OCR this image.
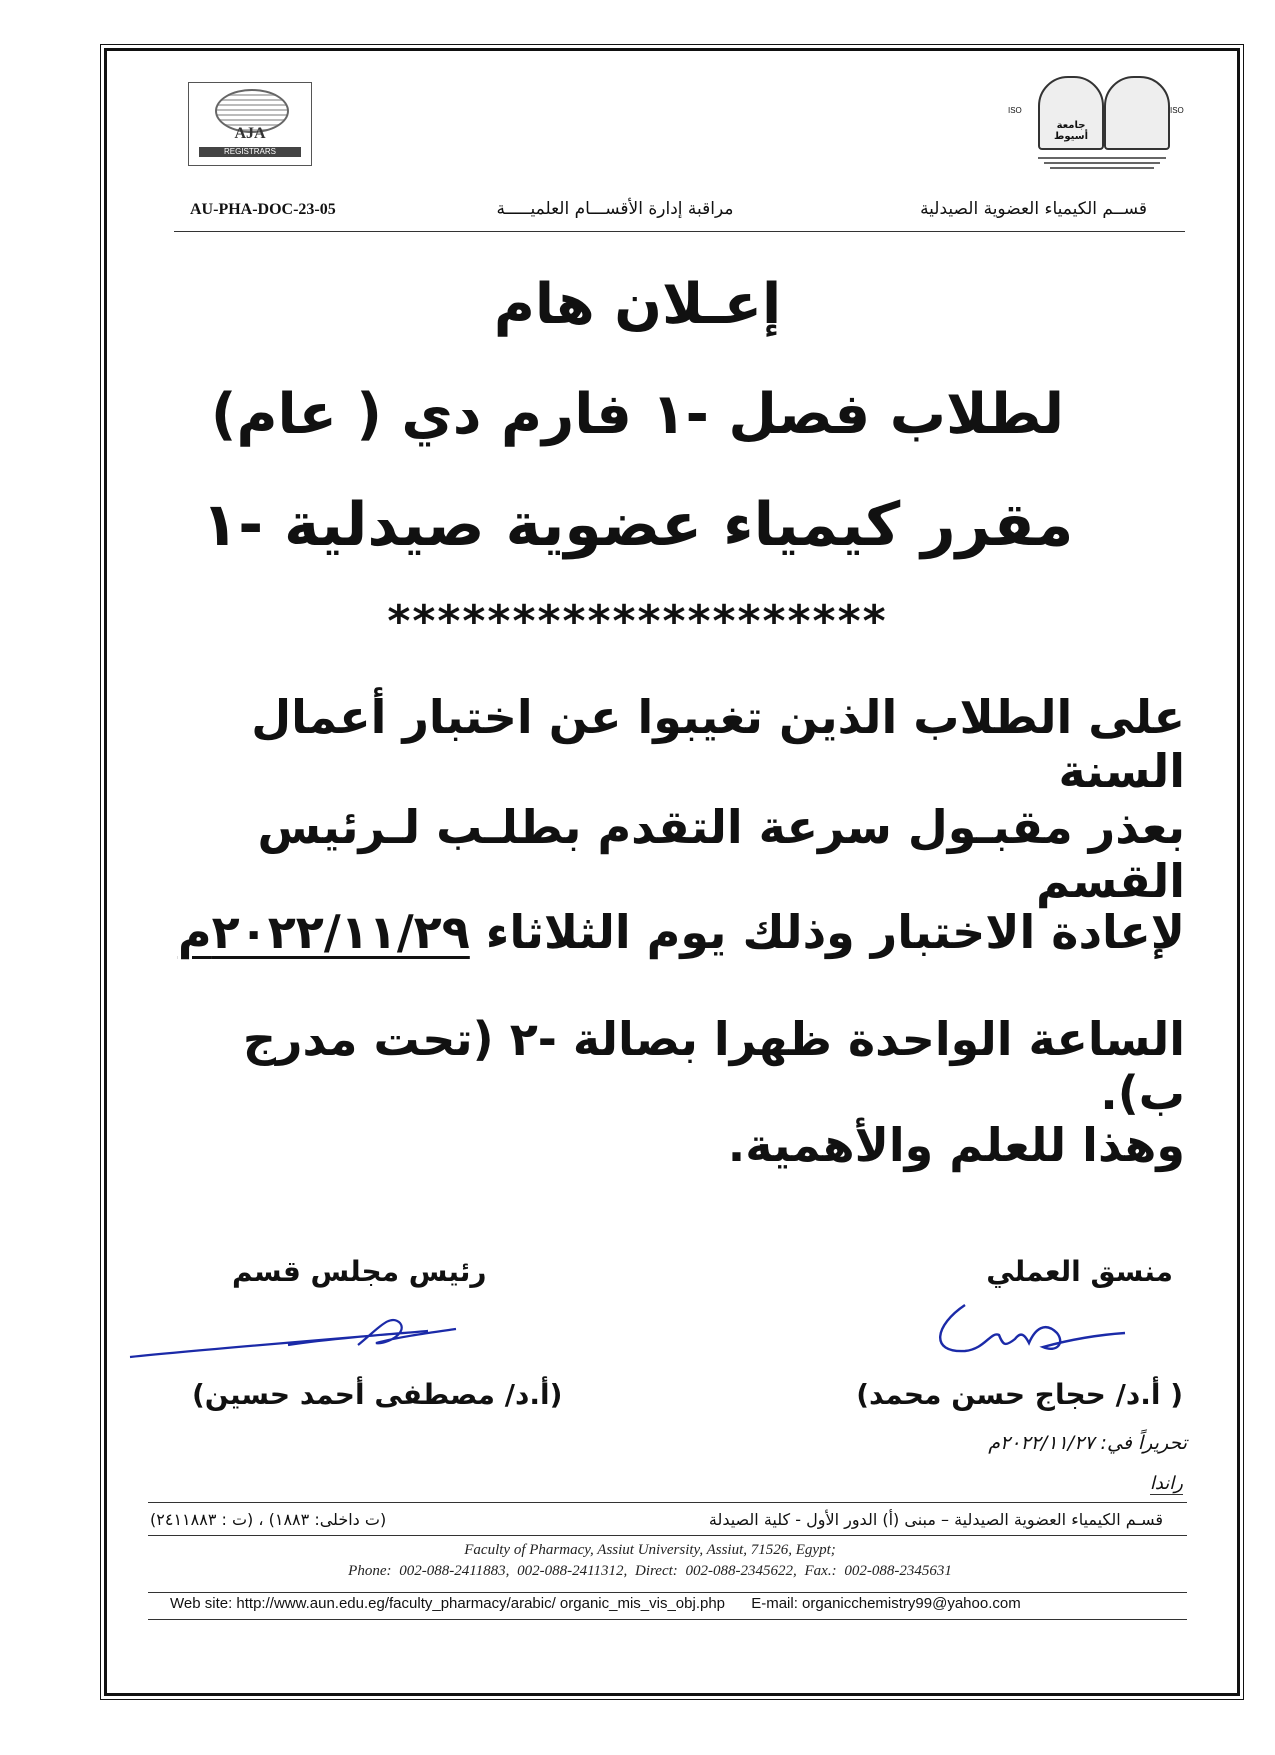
AJA
REGISTRARS
ISO
جامعة أسيوط
ISO
AU-PHA-DOC-23-05	مراقبة إدارة الأقســـام العلميـــــة	قســم الكيمياء العضوية الصيدلية
إعـلان هام
لطلاب فصل -١ فارم دي ( عام)
مقرر كيمياء عضوية صيدلية -١
********************
على الطلاب الذين تغيبوا عن اختبار أعمال السنة
بعذر مقبـول سرعة التقدم بطلـب لـرئيس القسم
لإعادة الاختبار وذلك يوم الثلاثاء ٢٠٢٢/١١/٢٩م
الساعة الواحدة ظهرا بصالة -٢ (تحت مدرج ب).
وهذا للعلم والأهمية.
رئيس مجلس قسم
(أ.د/ مصطفى أحمد حسين)
منسق العملي
( أ.د/ حجاج حسن محمد)
تحريراً في: ٢٠٢٢/١١/٢٧م
راندا
قسـم الكيمياء العضوية الصيدلية – مبنى (أ) الدور الأول - كلية الصيدلة
(ت داخلى: ١٨٨٣) ، (ت : ٢٤١١٨٨٣)
Faculty of Pharmacy, Assiut University, Assiut, 71526, Egypt;
Phone: 002-088-2411883, 002-088-2411312, Direct: 002-088-2345622, Fax.: 002-088-2345631
Web site: http://www.aun.edu.eg/faculty_pharmacy/arabic/ organic_mis_vis_obj.php E-mail: organicchemistry99@yahoo.com
